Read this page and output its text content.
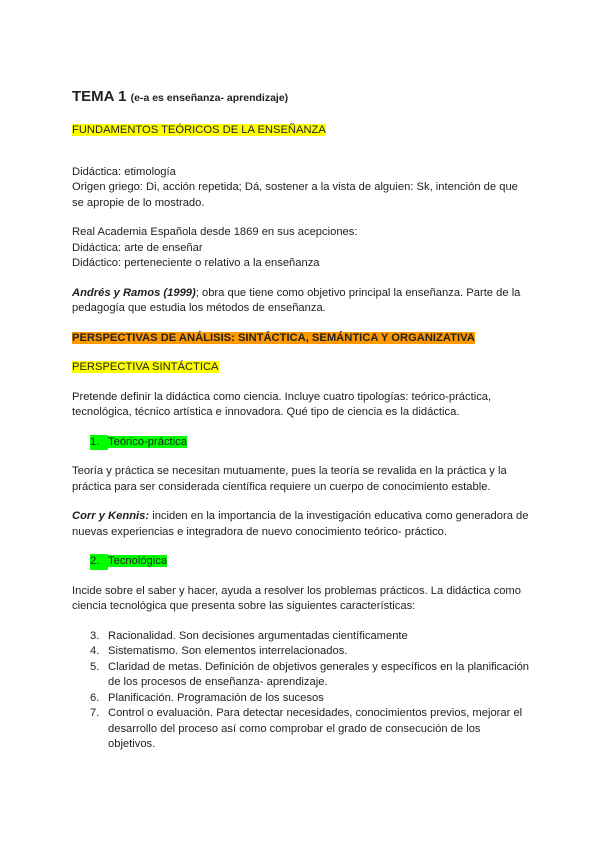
TEMA 1 (e-a es enseñanza- aprendizaje)

FUNDAMENTOS TEÓRICOS DE LA ENSEÑANZA

Didáctica: etimología
Origen griego: Di, acción repetida; Dá, sostener a la vista de alguien: Sk, intención de que
se apropie de lo mostrado.

Real Academia Española desde 1869 en sus acepciones:
Didáctica: arte de enseñar
Didáctico: perteneciente o relativo a la enseñanza

Andrés y Ramos (1999); obra que tiene como objetivo principal la enseñanza. Parte de la
pedagogía que estudia los métodos de enseñanza.

PERSPECTIVAS DE ANÁLISIS: SINTÁCTICA, SEMÁNTICA Y ORGANIZATIVA

PERSPECTIVA SINTÁCTICA

Pretende definir la didáctica como ciencia. Incluye cuatro tipologías: teórico-práctica,
tecnológica, técnico artística e innovadora. Qué tipo de ciencia es la didáctica.

1. Teórico-práctica

Teoría y práctica se necesitan mutuamente, pues la teoría se revalida en la práctica y la
práctica para ser considerada científica requiere un cuerpo de conocimiento estable.

Corr y Kennis: inciden en la importancia de la investigación educativa como generadora de
nuevas experiencias e integradora de nuevo conocimiento teórico- práctico.

2. Tecnológica

Incide sobre el saber y hacer, ayuda a resolver los problemas prácticos. La didáctica como
ciencia tecnológica que presenta sobre las siguientes características:

3. Racionalidad. Son decisiones argumentadas científicamente
4. Sistematismo. Son elementos interrelacionados.
5. Claridad de metas. Definición de objetivos generales y específicos en la planificación
de los procesos de enseñanza- aprendizaje.
6. Planificación. Programación de los sucesos
7. Control o evaluación. Para detectar necesidades, conocimientos previos, mejorar el
desarrollo del proceso así como comprobar el grado de consecución de los
objetivos.
